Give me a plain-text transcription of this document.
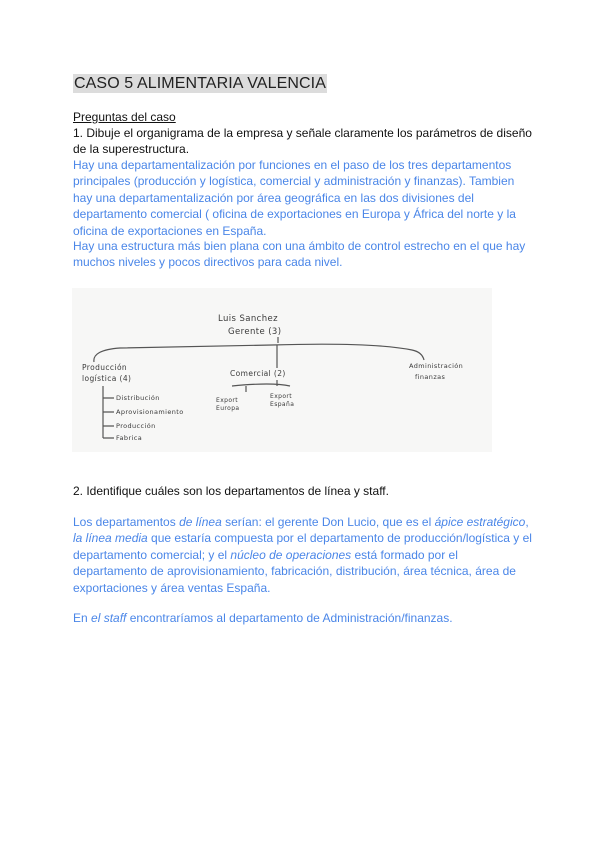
CASO 5 ALIMENTARIA VALENCIA
Preguntas del caso

1. Dibuje el organigrama de la empresa y señale claramente los parámetros de diseño de la superestructura.

Hay una departamentalización por funciones en el paso de los tres departamentos principales (producción y logística, comercial y administración y finanzas). Tambien hay una departamentalización por área geográfica en las dos divisiones del departamento comercial ( oficina de exportaciones en Europa y África del norte y la oficina de exportaciones en España.

Hay una estructura más bien plana con una ámbito de control estrecho en el que hay muchos niveles y pocos directivos para cada nivel.

Luis Sanchez
Gerente (3)
Producción
logística (4)
Distribución
Aprovisionamiento
Producción
Fabrica
Comercial (2)
Export
Europa
Export
España
Administración
finanzas

2. Identifique cuáles son los departamentos de línea y staff.

Los departamentos de línea serían: el gerente Don Lucio, que es el ápice estratégico, la línea media que estaría compuesta por el departamento de producción/logística y el departamento comercial; y el núcleo de operaciones está formado por el departamento de aprovisionamiento, fabricación, distribución, área técnica, área de exportaciones y área ventas España.

En el staff encontraríamos al departamento de Administración/finanzas.
